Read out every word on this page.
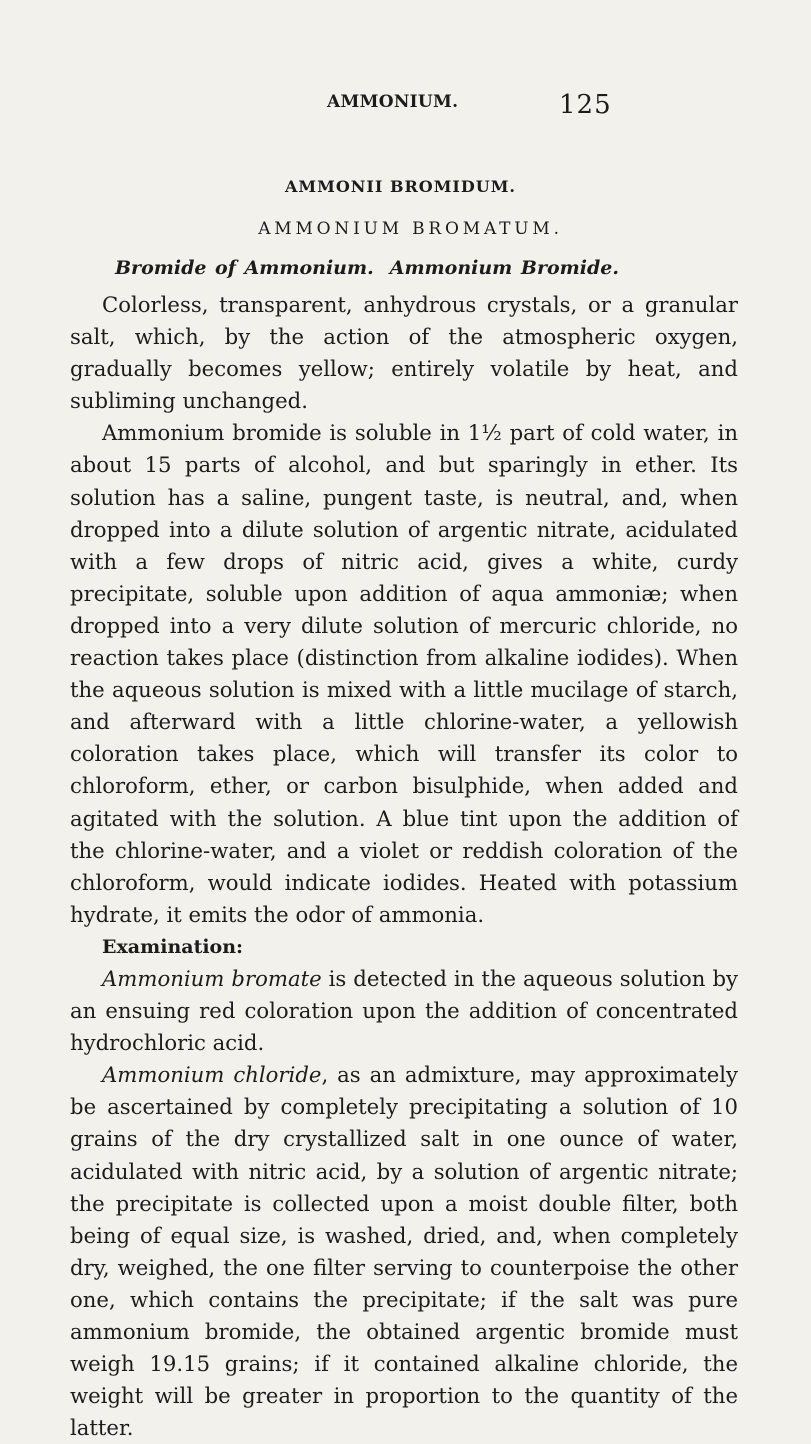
AMMONIUM.	125
AMMONII BROMIDUM.
AMMONIUM BROMATUM.
Bromide of Ammonium. Ammonium Bromide.

Colorless, transparent, anhydrous crystals, or a granular salt, which, by the action of the atmospheric oxygen, gradually becomes yellow; entirely volatile by heat, and subliming unchanged.

Ammonium bromide is soluble in 1½ part of cold water, in about 15 parts of alcohol, and but sparingly in ether. Its solution has a saline, pungent taste, is neutral, and, when dropped into a dilute solution of argentic nitrate, acidulated with a few drops of nitric acid, gives a white, curdy precipitate, soluble upon addition of aqua ammoniæ; when dropped into a very dilute solution of mercuric chloride, no reaction takes place (distinction from alkaline iodides). When the aqueous solution is mixed with a little mucilage of starch, and afterward with a little chlorine-water, a yellowish coloration takes place, which will transfer its color to chloroform, ether, or carbon bisulphide, when added and agitated with the solution. A blue tint upon the addition of the chlorine-water, and a violet or reddish coloration of the chloroform, would indicate iodides. Heated with potassium hydrate, it emits the odor of ammonia.

Examination:

Ammonium bromate is detected in the aqueous solution by an ensuing red coloration upon the addition of concentrated hydrochloric acid.

Ammonium chloride, as an admixture, may approximately be ascertained by completely precipitating a solution of 10 grains of the dry crystallized salt in one ounce of water, acidulated with nitric acid, by a solution of argentic nitrate; the precipitate is collected upon a moist double filter, both being of equal size, is washed, dried, and, when completely dry, weighed, the one filter serving to counterpoise the other one, which contains the precipitate; if the salt was pure ammonium bromide, the obtained argentic bromide must weigh 19.15 grains; if it contained alkaline chloride, the weight will be greater in proportion to the quantity of the latter.
